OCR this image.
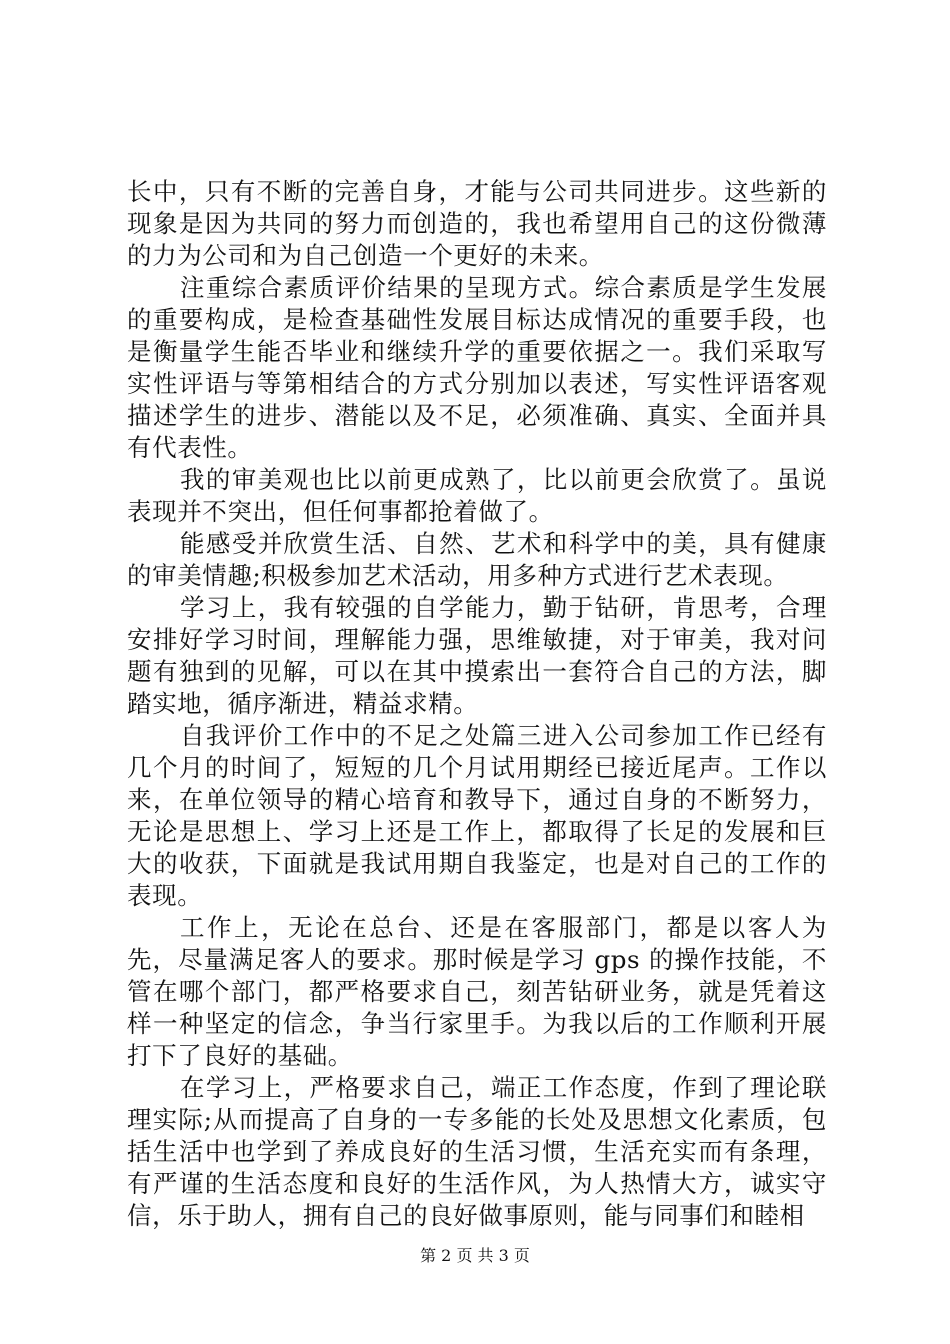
长中，只有不断的完善自身，才能与公司共同进步。这些新的现象是因为共同的努力而创造的，我也希望用自己的这份微薄的力为公司和为自己创造一个更好的未来。

注重综合素质评价结果的呈现方式。综合素质是学生发展的重要构成，是检查基础性发展目标达成情况的重要手段，也是衡量学生能否毕业和继续升学的重要依据之一。我们采取写实性评语与等第相结合的方式分别加以表述，写实性评语客观描述学生的进步、潜能以及不足，必须准确、真实、全面并具有代表性。

我的审美观也比以前更成熟了，比以前更会欣赏了。虽说表现并不突出，但任何事都抢着做了。

能感受并欣赏生活、自然、艺术和科学中的美，具有健康的审美情趣;积极参加艺术活动，用多种方式进行艺术表现。

学习上，我有较强的自学能力，勤于钻研，肯思考，合理安排好学习时间，理解能力强，思维敏捷，对于审美，我对问题有独到的见解，可以在其中摸索出一套符合自己的方法，脚踏实地，循序渐进，精益求精。

自我评价工作中的不足之处篇三进入公司参加工作已经有几个月的时间了，短短的几个月试用期经已接近尾声。工作以来，在单位领导的精心培育和教导下，通过自身的不断努力，无论是思想上、学习上还是工作上，都取得了长足的发展和巨大的收获，下面就是我试用期自我鉴定，也是对自己的工作的表现。

工作上，无论在总台、还是在客服部门，都是以客人为先，尽量满足客人的要求。那时候是学习 gps 的操作技能，不管在哪个部门，都严格要求自己，刻苦钻研业务，就是凭着这样一种坚定的信念，争当行家里手。为我以后的工作顺利开展打下了良好的基础。

在学习上，严格要求自己，端正工作态度，作到了理论联理实际;从而提高了自身的一专多能的长处及思想文化素质，包括生活中也学到了养成良好的生活习惯，生活充实而有条理，有严谨的生活态度和良好的生活作风，为人热情大方，诚实守信，乐于助人，拥有自己的良好做事原则，能与同事们和睦相

第 2 页 共 3 页
